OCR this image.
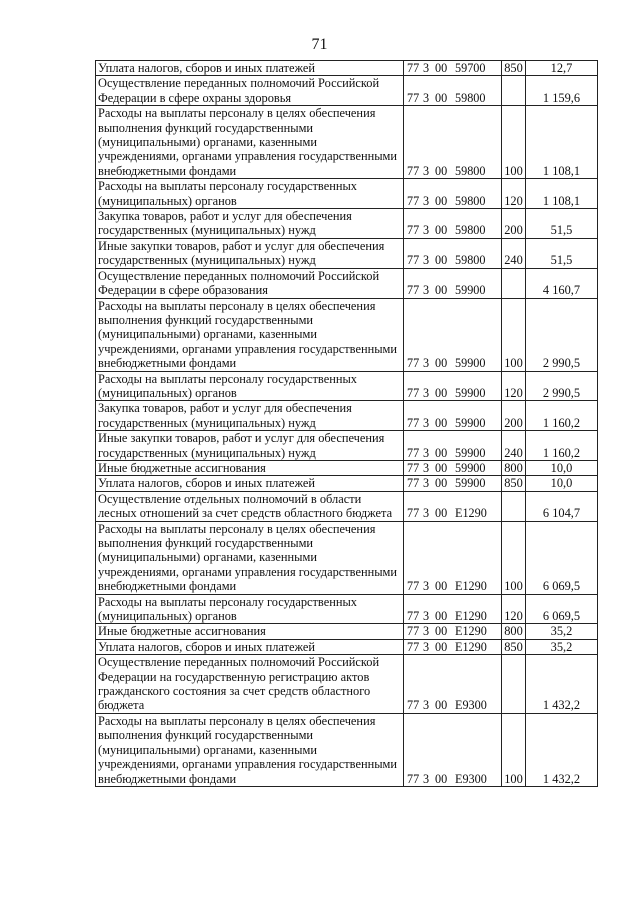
71
Уплата налогов, сборов и иных платежей	77 3 00 59700	850	12,7
Осуществление переданных полномочий Российской Федерации в сфере охраны здоровья	77 3 00 59800		1 159,6
Расходы на выплаты персоналу в целях обеспечения выполнения функций государственными (муниципальными) органами, казенными учреждениями, органами управления государственными внебюджетными фондами	77 3 00 59800	100	1 108,1
Расходы на выплаты персоналу государственных (муниципальных) органов	77 3 00 59800	120	1 108,1
Закупка товаров, работ и услуг для обеспечения государственных (муниципальных) нужд	77 3 00 59800	200	51,5
Иные закупки товаров, работ и услуг для обеспечения государственных (муниципальных) нужд	77 3 00 59800	240	51,5
Осуществление переданных полномочий Российской Федерации в сфере образования	77 3 00 59900		4 160,7
Расходы на выплаты персоналу в целях обеспечения выполнения функций государственными (муниципальными) органами, казенными учреждениями, органами управления государственными внебюджетными фондами	77 3 00 59900	100	2 990,5
Расходы на выплаты персоналу государственных (муниципальных) органов	77 3 00 59900	120	2 990,5
Закупка товаров, работ и услуг для обеспечения государственных (муниципальных) нужд	77 3 00 59900	200	1 160,2
Иные закупки товаров, работ и услуг для обеспечения государственных (муниципальных) нужд	77 3 00 59900	240	1 160,2
Иные бюджетные ассигнования	77 3 00 59900	800	10,0
Уплата налогов, сборов и иных платежей	77 3 00 59900	850	10,0
Осуществление отдельных полномочий в области лесных отношений за счет средств областного бюджета	77 3 00 E1290		6 104,7
Расходы на выплаты персоналу в целях обеспечения выполнения функций государственными (муниципальными) органами, казенными учреждениями, органами управления государственными внебюджетными фондами	77 3 00 E1290	100	6 069,5
Расходы на выплаты персоналу государственных (муниципальных) органов	77 3 00 E1290	120	6 069,5
Иные бюджетные ассигнования	77 3 00 E1290	800	35,2
Уплата налогов, сборов и иных платежей	77 3 00 E1290	850	35,2
Осуществление переданных полномочий Российской Федерации на государственную регистрацию актов гражданского состояния за счет средств областного бюджета	77 3 00 E9300		1 432,2
Расходы на выплаты персоналу в целях обеспечения выполнения функций государственными (муниципальными) органами, казенными учреждениями, органами управления государственными внебюджетными фондами	77 3 00 E9300	100	1 432,2
